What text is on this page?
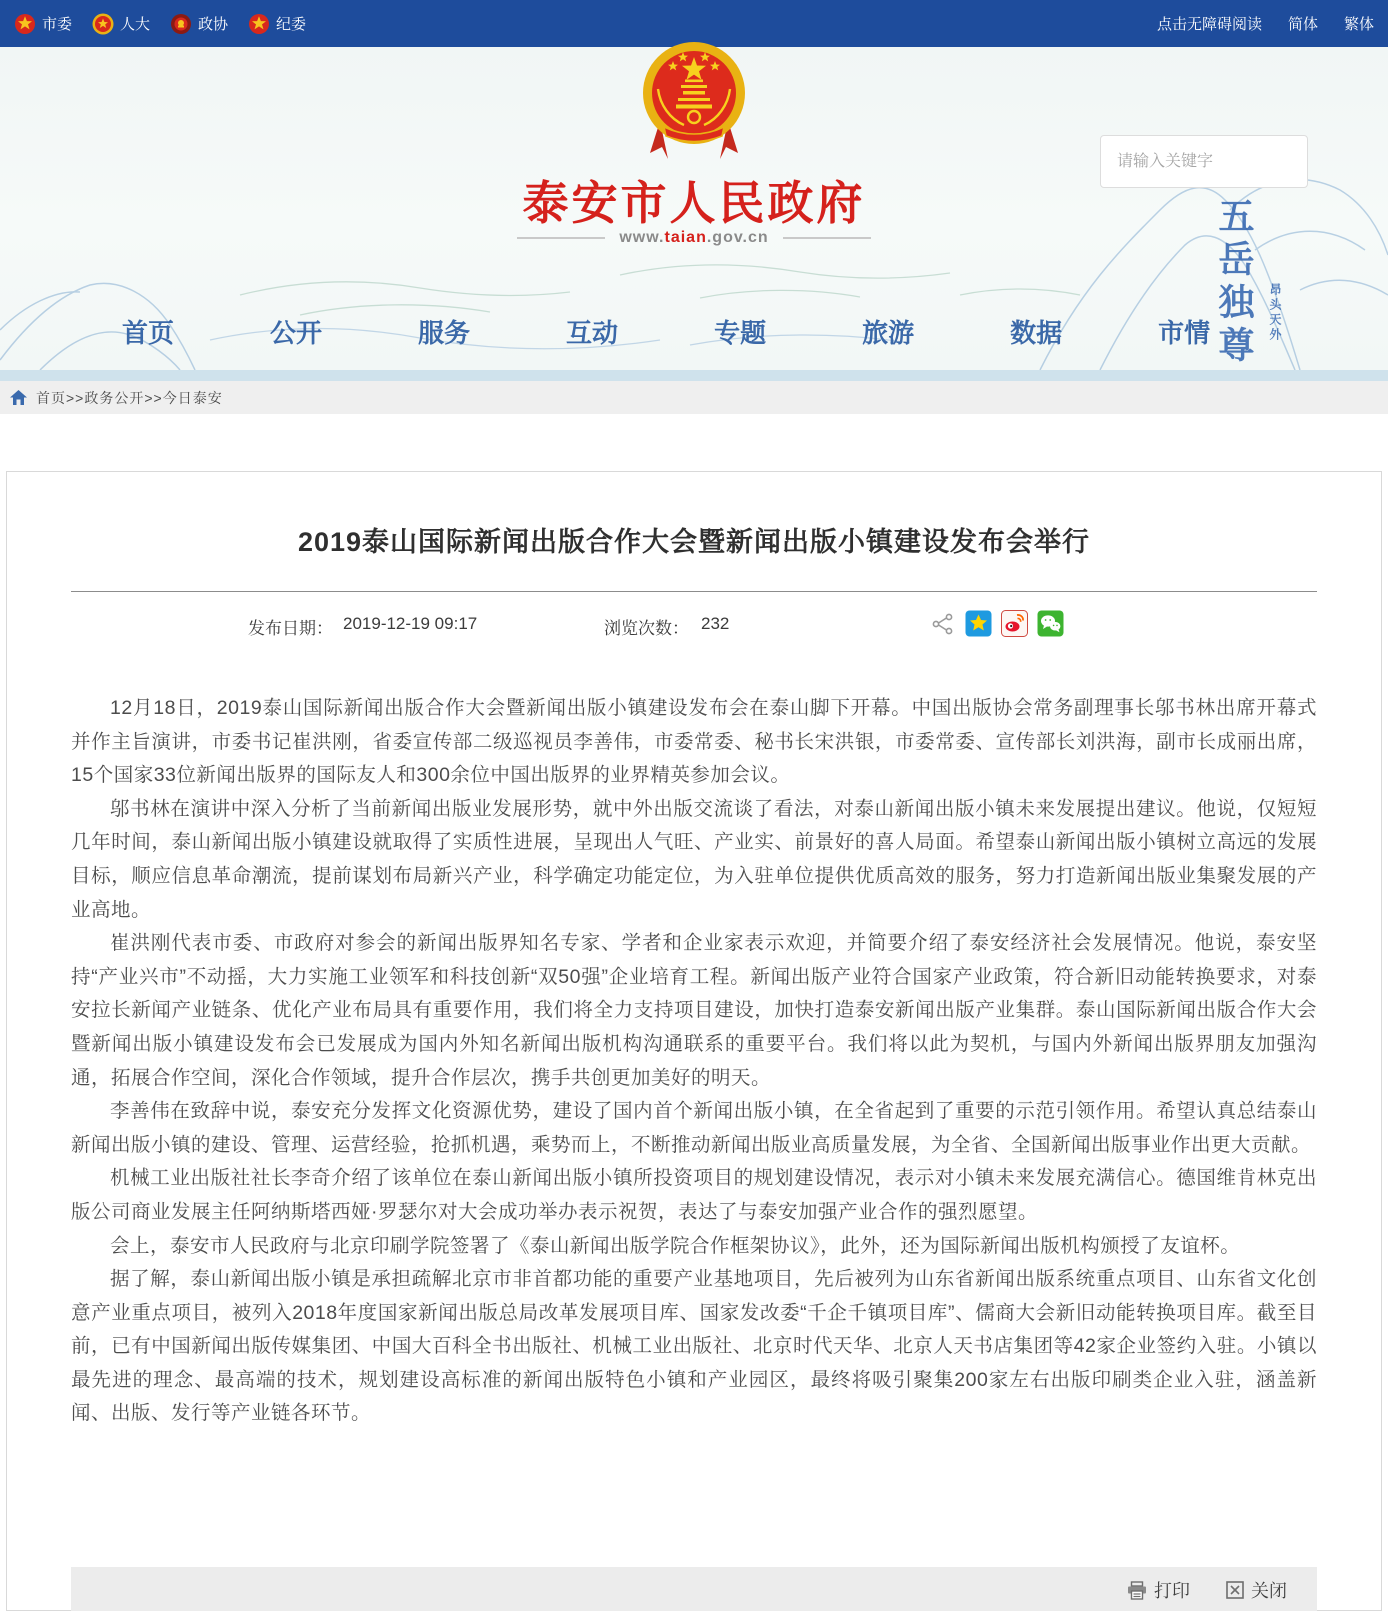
市委	人大	政协	纪委	点击无障碍阅读 简体 繁体
泰安市人民政府
www.taian.gov.cn
请输入关键字	五岳独尊	昂头天外
首页	公开	服务	互动	专题	旅游	数据	市情
首页>>政务公开>>今日泰安
2019泰山国际新闻出版合作大会暨新闻出版小镇建设发布会举行
发布日期： 2019-12-19 09:17	浏览次数： 232

12月18日，2019泰山国际新闻出版合作大会暨新闻出版小镇建设发布会在泰山脚下开幕。中国出版协会常务副理事长邬书林出席开幕式并作主旨演讲，市委书记崔洪刚，省委宣传部二级巡视员李善伟，市委常委、秘书长宋洪银，市委常委、宣传部长刘洪海，副市长成丽出席，15个国家33位新闻出版界的国际友人和300余位中国出版界的业界精英参加会议。

邬书林在演讲中深入分析了当前新闻出版业发展形势，就中外出版交流谈了看法，对泰山新闻出版小镇未来发展提出建议。他说，仅短短几年时间，泰山新闻出版小镇建设就取得了实质性进展，呈现出人气旺、产业实、前景好的喜人局面。希望泰山新闻出版小镇树立高远的发展目标，顺应信息革命潮流，提前谋划布局新兴产业，科学确定功能定位，为入驻单位提供优质高效的服务，努力打造新闻出版业集聚发展的产业高地。

崔洪刚代表市委、市政府对参会的新闻出版界知名专家、学者和企业家表示欢迎，并简要介绍了泰安经济社会发展情况。他说，泰安坚持“产业兴市”不动摇，大力实施工业领军和科技创新“双50强”企业培育工程。新闻出版产业符合国家产业政策，符合新旧动能转换要求，对泰安拉长新闻产业链条、优化产业布局具有重要作用，我们将全力支持项目建设，加快打造泰安新闻出版产业集群。泰山国际新闻出版合作大会暨新闻出版小镇建设发布会已发展成为国内外知名新闻出版机构沟通联系的重要平台。我们将以此为契机，与国内外新闻出版界朋友加强沟通，拓展合作空间，深化合作领域，提升合作层次，携手共创更加美好的明天。

李善伟在致辞中说，泰安充分发挥文化资源优势，建设了国内首个新闻出版小镇，在全省起到了重要的示范引领作用。希望认真总结泰山新闻出版小镇的建设、管理、运营经验，抢抓机遇，乘势而上，不断推动新闻出版业高质量发展，为全省、全国新闻出版事业作出更大贡献。

机械工业出版社社长李奇介绍了该单位在泰山新闻出版小镇所投资项目的规划建设情况，表示对小镇未来发展充满信心。德国维肯林克出版公司商业发展主任阿纳斯塔西娅·罗瑟尔对大会成功举办表示祝贺，表达了与泰安加强产业合作的强烈愿望。

会上，泰安市人民政府与北京印刷学院签署了《泰山新闻出版学院合作框架协议》，此外，还为国际新闻出版机构颁授了友谊杯。

据了解，泰山新闻出版小镇是承担疏解北京市非首都功能的重要产业基地项目，先后被列为山东省新闻出版系统重点项目、山东省文化创意产业重点项目，被列入2018年度国家新闻出版总局改革发展项目库、国家发改委“千企千镇项目库”、儒商大会新旧动能转换项目库。截至目前，已有中国新闻出版传媒集团、中国大百科全书出版社、机械工业出版社、北京时代天华、北京人天书店集团等42家企业签约入驻。小镇以最先进的理念、最高端的技术，规划建设高标准的新闻出版特色小镇和产业园区，最终将吸引聚集200家左右出版印刷类企业入驻，涵盖新闻、出版、发行等产业链各环节。

打印	关闭
